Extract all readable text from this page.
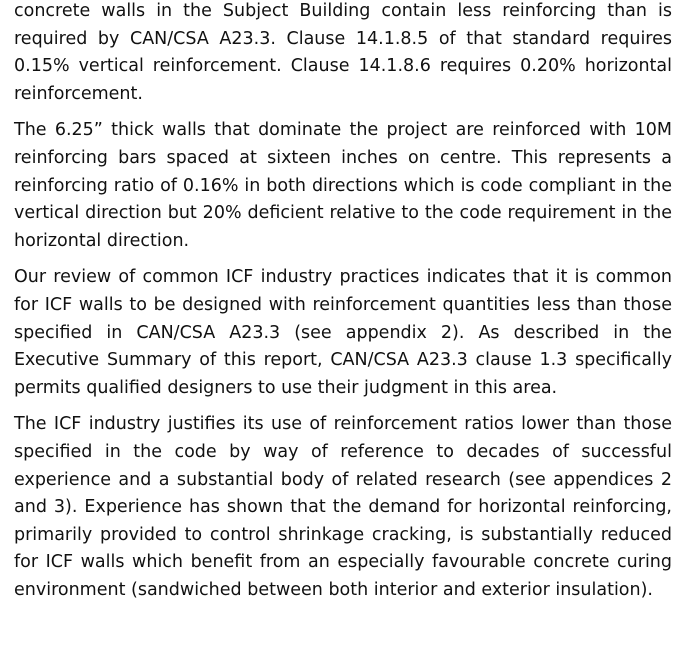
concrete walls in the Subject Building contain less reinforcing than is required by CAN/CSA A23.3. Clause 14.1.8.5 of that standard requires 0.15% vertical reinforcement. Clause 14.1.8.6 requires 0.20% horizontal reinforcement.

The 6.25” thick walls that dominate the project are reinforced with 10M reinforcing bars spaced at sixteen inches on centre. This represents a reinforcing ratio of 0.16% in both directions which is code compliant in the vertical direction but 20% deficient relative to the code requirement in the horizontal direction.

Our review of common ICF industry practices indicates that it is common for ICF walls to be designed with reinforcement quantities less than those specified in CAN/CSA A23.3 (see appendix 2). As described in the Executive Summary of this report, CAN/CSA A23.3 clause 1.3 specifically permits qualified designers to use their judgment in this area.

The ICF industry justifies its use of reinforcement ratios lower than those specified in the code by way of reference to decades of successful experience and a substantial body of related research (see appendices 2 and 3). Experience has shown that the demand for horizontal reinforcing, primarily provided to control shrinkage cracking, is substantially reduced for ICF walls which benefit from an especially favourable concrete curing environment (sandwiched between both interior and exterior insulation).
